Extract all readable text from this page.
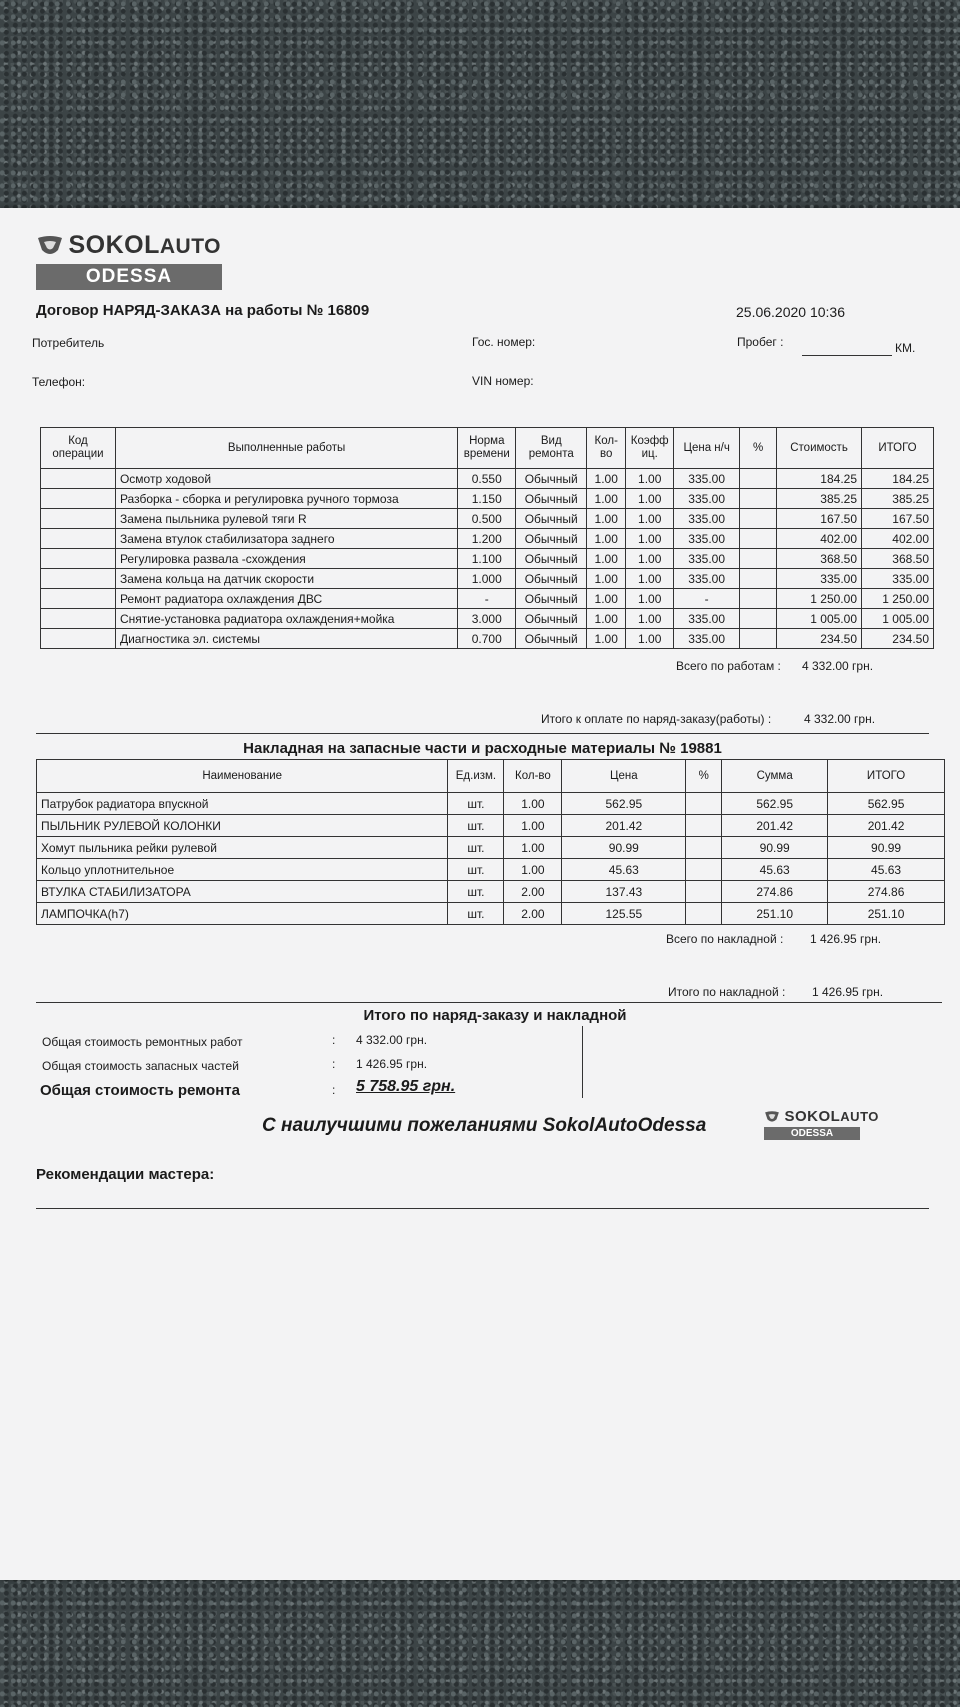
SOKOLAUTO
ODESSA
Договор НАРЯД-ЗАКАЗА на работы № 16809	25.06.2020 10:36
Потребитель	Гос. номер:	Пробег :	КМ.
Телефон:	VIN номер:
Код операции	Выполненные работы	Норма времени	Вид ремонта	Кол-во	Коэфф иц.	Цена н/ч	%	Стоимость	ИТОГО
	Осмотр ходовой	0.550	Обычный	1.00	1.00	335.00		184.25	184.25
	Разборка - сборка и регулировка ручного тормоза	1.150	Обычный	1.00	1.00	335.00		385.25	385.25
	Замена пыльника рулевой тяги R	0.500	Обычный	1.00	1.00	335.00		167.50	167.50
	Замена втулок стабилизатора заднего	1.200	Обычный	1.00	1.00	335.00		402.00	402.00
	Регулировка развала -схождения	1.100	Обычный	1.00	1.00	335.00		368.50	368.50
	Замена кольца на датчик скорости	1.000	Обычный	1.00	1.00	335.00		335.00	335.00
	Ремонт радиатора охлаждения ДВС	-	Обычный	1.00	1.00	-		1 250.00	1 250.00
	Снятие-установка радиатора охлаждения+мойка	3.000	Обычный	1.00	1.00	335.00		1 005.00	1 005.00
	Диагностика эл. системы	0.700	Обычный	1.00	1.00	335.00		234.50	234.50
Всего по работам : 4 332.00 грн.
Итого к оплате по наряд-заказу(работы) :	4 332.00 грн.
Накладная на запасные части и расходные материалы № 19881
Наименование	Ед.изм.	Кол-во	Цена	%	Сумма	ИТОГО
Патрубок радиатора впускной	шт.	1.00	562.95		562.95	562.95
ПЫЛЬНИК РУЛЕВОЙ КОЛОНКИ	шт.	1.00	201.42		201.42	201.42
Хомут пыльника рейки рулевой	шт.	1.00	90.99		90.99	90.99
Кольцо уплотнительное	шт.	1.00	45.63		45.63	45.63
ВТУЛКА СТАБИЛИЗАТОРА	шт.	2.00	137.43		274.86	274.86
ЛАМПОЧКА(h7)	шт.	2.00	125.55		251.10	251.10
Всего по накладной : 1 426.95 грн.
Итого по накладной : 1 426.95 грн.
Итого по наряд-заказу и накладной
Общая стоимость ремонтных работ	: 4 332.00 грн.
Общая стоимость запасных частей	: 1 426.95 грн.
Общая стоимость ремонта	: 5 758.95 грн.
С наилучшими пожеланиями SokolAutoOdessa	SOKOLAUTO
ODESSA
Рекомендации мастера:
